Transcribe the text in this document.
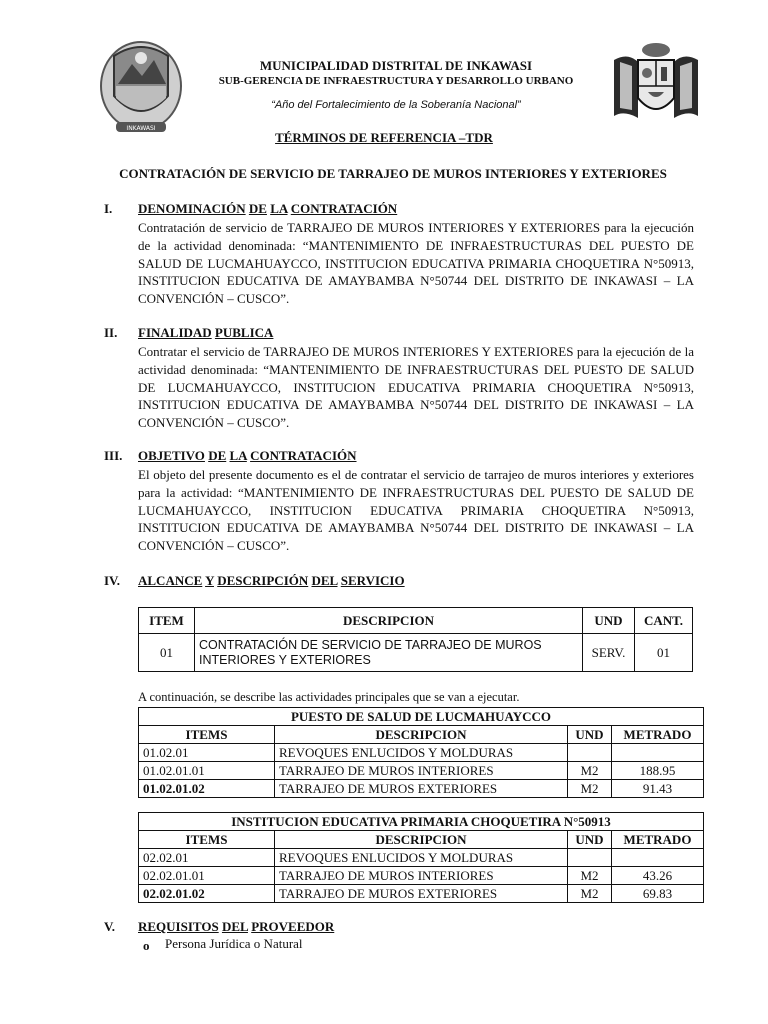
INKAWASI
MUNICIPALIDAD DISTRITAL DE INKAWASI
SUB-GERENCIA DE INFRAESTRUCTURA Y DESARROLLO URBANO
“Año del Fortalecimiento de la Soberanía Nacional”
TÉRMINOS DE REFERENCIA –TDR
CONTRATACIÓN DE SERVICIO DE TARRAJEO DE MUROS INTERIORES Y EXTERIORES
I. DENOMINACIÓN DE LA CONTRATACIÓN
Contratación de servicio de TARRAJEO DE MUROS INTERIORES Y EXTERIORES para la ejecución de la actividad denominada: “MANTENIMIENTO DE INFRAESTRUCTURAS DEL PUESTO DE SALUD DE LUCMAHUAYCCO, INSTITUCION EDUCATIVA PRIMARIA CHOQUETIRA N°50913, INSTITUCION EDUCATIVA DE AMAYBAMBA N°50744 DEL DISTRITO DE INKAWASI – LA CONVENCIÓN – CUSCO”.
II. FINALIDAD PUBLICA
Contratar el servicio de TARRAJEO DE MUROS INTERIORES Y EXTERIORES para la ejecución de la actividad denominada: “MANTENIMIENTO DE INFRAESTRUCTURAS DEL PUESTO DE SALUD DE LUCMAHUAYCCO, INSTITUCION EDUCATIVA PRIMARIA CHOQUETIRA N°50913, INSTITUCION EDUCATIVA DE AMAYBAMBA N°50744 DEL DISTRITO DE INKAWASI – LA CONVENCIÓN – CUSCO”.
III. OBJETIVO DE LA CONTRATACIÓN
El objeto del presente documento es el de contratar el servicio de tarrajeo de muros interiores y exteriores para la actividad: “MANTENIMIENTO DE INFRAESTRUCTURAS DEL PUESTO DE SALUD DE LUCMAHUAYCCO, INSTITUCION EDUCATIVA PRIMARIA CHOQUETIRA N°50913, INSTITUCION EDUCATIVA DE AMAYBAMBA N°50744 DEL DISTRITO DE INKAWASI – LA CONVENCIÓN – CUSCO”.
IV. ALCANCE Y DESCRIPCIÓN DEL SERVICIO
ITEM	DESCRIPCION	UND	CANT.
01	CONTRATACIÓN DE SERVICIO DE TARRAJEO DE MUROS INTERIORES Y EXTERIORES	SERV.	01
A continuación, se describe las actividades principales que se van a ejecutar.
PUESTO DE SALUD DE LUCMAHUAYCCO			
ITEMS	DESCRIPCION	UND	METRADO
01.02.01	REVOQUES ENLUCIDOS Y MOLDURAS		
01.02.01.01	TARRAJEO DE MUROS INTERIORES	M2	188.95
01.02.01.02	TARRAJEO DE MUROS EXTERIORES	M2	91.43
INSTITUCION EDUCATIVA PRIMARIA CHOQUETIRA N°50913			
ITEMS	DESCRIPCION	UND	METRADO
02.02.01	REVOQUES ENLUCIDOS Y MOLDURAS		
02.02.01.01	TARRAJEO DE MUROS INTERIORES	M2	43.26
02.02.01.02	TARRAJEO DE MUROS EXTERIORES	M2	69.83
V. REQUISITOS DEL PROVEEDOR
o Persona Jurídica o Natural
